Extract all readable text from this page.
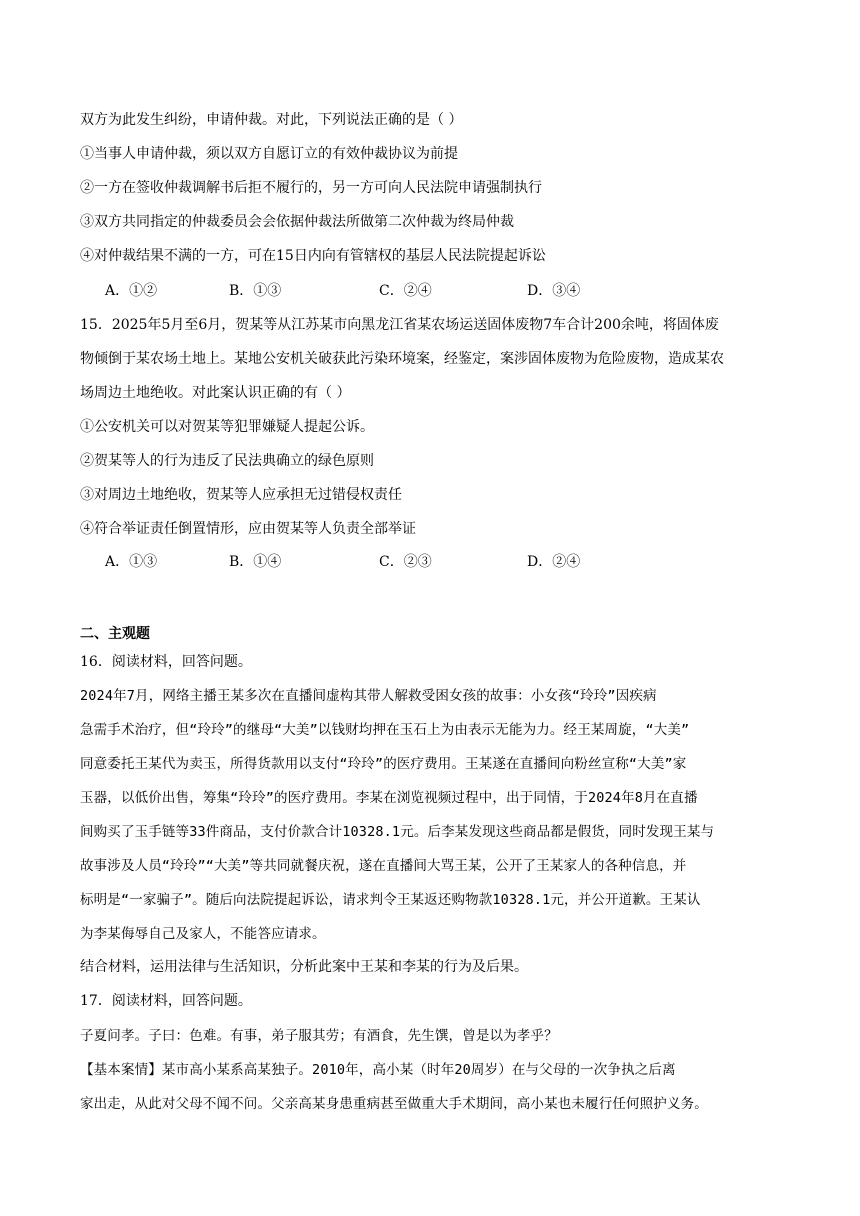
双方为此发生纠纷，申请仲裁。对此，下列说法正确的是（ ）
①当事人申请仲裁，须以双方自愿订立的有效仲裁协议为前提
②一方在签收仲裁调解书后拒不履行的，另一方可向人民法院申请强制执行
③双方共同指定的仲裁委员会会依据仲裁法所做第二次仲裁为终局仲裁
④对仲裁结果不满的一方，可在15日内向有管辖权的基层人民法院提起诉讼
A．①②	B．①③	C．②④	D．③④
15．2025年5月至6月，贺某等从江苏某市向黑龙江省某农场运送固体废物7车合计200余吨，将固体废
物倾倒于某农场土地上。某地公安机关破获此污染环境案，经鉴定，案涉固体废物为危险废物，造成某农
场周边土地绝收。对此案认识正确的有（ ）
①公安机关可以对贺某等犯罪嫌疑人提起公诉。
②贺某等人的行为违反了民法典确立的绿色原则
③对周边土地绝收，贺某等人应承担无过错侵权责任
④符合举证责任倒置情形，应由贺某等人负责全部举证
A．①③	B．①④	C．②③	D．②④
二、主观题
16．阅读材料，回答问题。
2024年7月，网络主播王某多次在直播间虚构其带人解救受困女孩的故事：小女孩“玲玲”因疾病
急需手术治疗，但“玲玲”的继母“大美”以钱财均押在玉石上为由表示无能为力。经王某周旋，“大美”
同意委托王某代为卖玉，所得货款用以支付“玲玲”的医疗费用。王某遂在直播间向粉丝宣称“大美”家
玉器，以低价出售，筹集“玲玲”的医疗费用。李某在浏览视频过程中，出于同情，于2024年8月在直播
间购买了玉手链等33件商品，支付价款合计10328.1元。后李某发现这些商品都是假货，同时发现王某与
故事涉及人员“玲玲”“大美”等共同就餐庆祝，遂在直播间大骂王某，公开了王某家人的各种信息，并
标明是“一家骗子”。随后向法院提起诉讼，请求判令王某返还购物款10328.1元，并公开道歉。王某认
为李某侮辱自己及家人，不能答应请求。
结合材料，运用法律与生活知识，分析此案中王某和李某的行为及后果。
17．阅读材料，回答问题。
子夏问孝。子曰：色难。有事，弟子服其劳；有酒食，先生馔，曾是以为孝乎？
【基本案情】某市高小某系高某独子。2010年，高小某（时年20周岁）在与父母的一次争执之后离
家出走，从此对父母不闻不问。父亲高某身患重病甚至做重大手术期间，高小某也未履行任何照护义务。
